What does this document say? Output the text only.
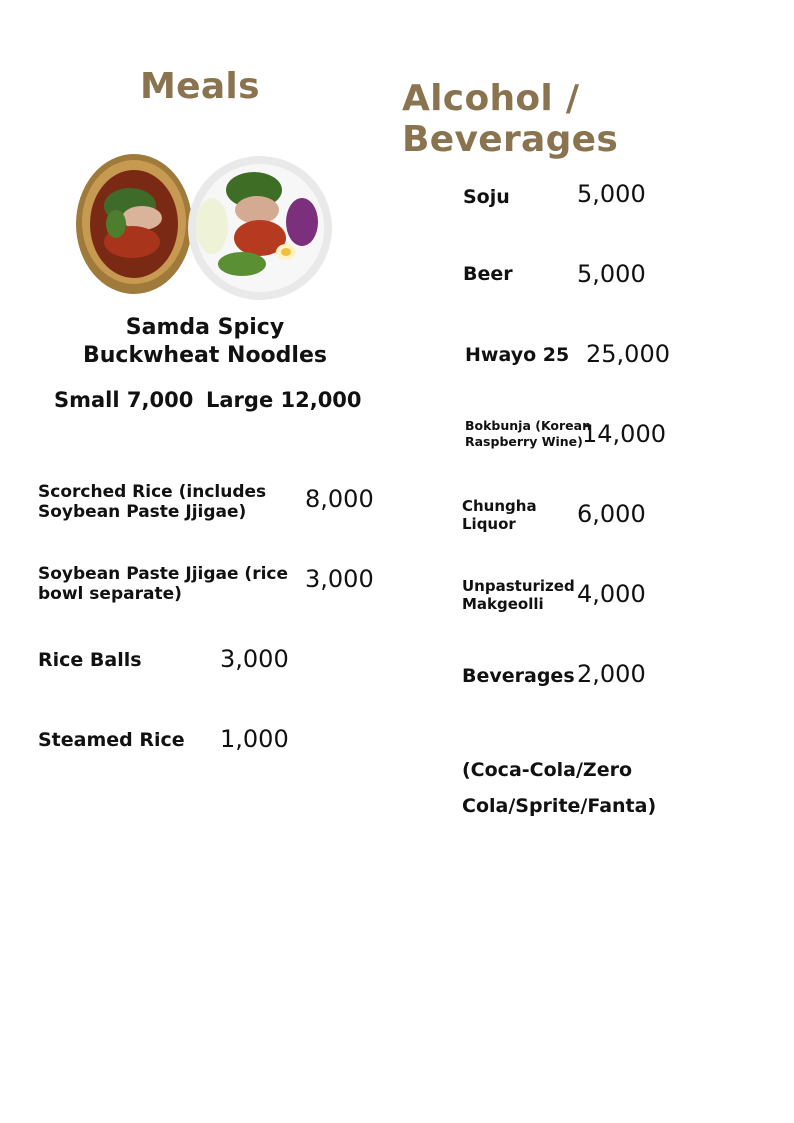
Meals	Alcohol / Beverages
Samda Spicy
Buckwheat Noodles
Small 7,000 Large 12,000
Scorched Rice (includes
Soybean Paste Jjigae)	8,000
Soybean Paste Jjigae (rice
bowl separate)
3,000
Rice Balls	3,000
Steamed Rice 1,000
Soju	5,000
Beer	5,000
Hwayo 25 25,000
Bokbunja (Korean
Raspberry Wine) 14,000
Chungha
Liquor	6,000
Unpasturized
Makgeolli	4,000
Beverages 2,000
(Coca-Cola/Zero
Cola/Sprite/Fanta)
